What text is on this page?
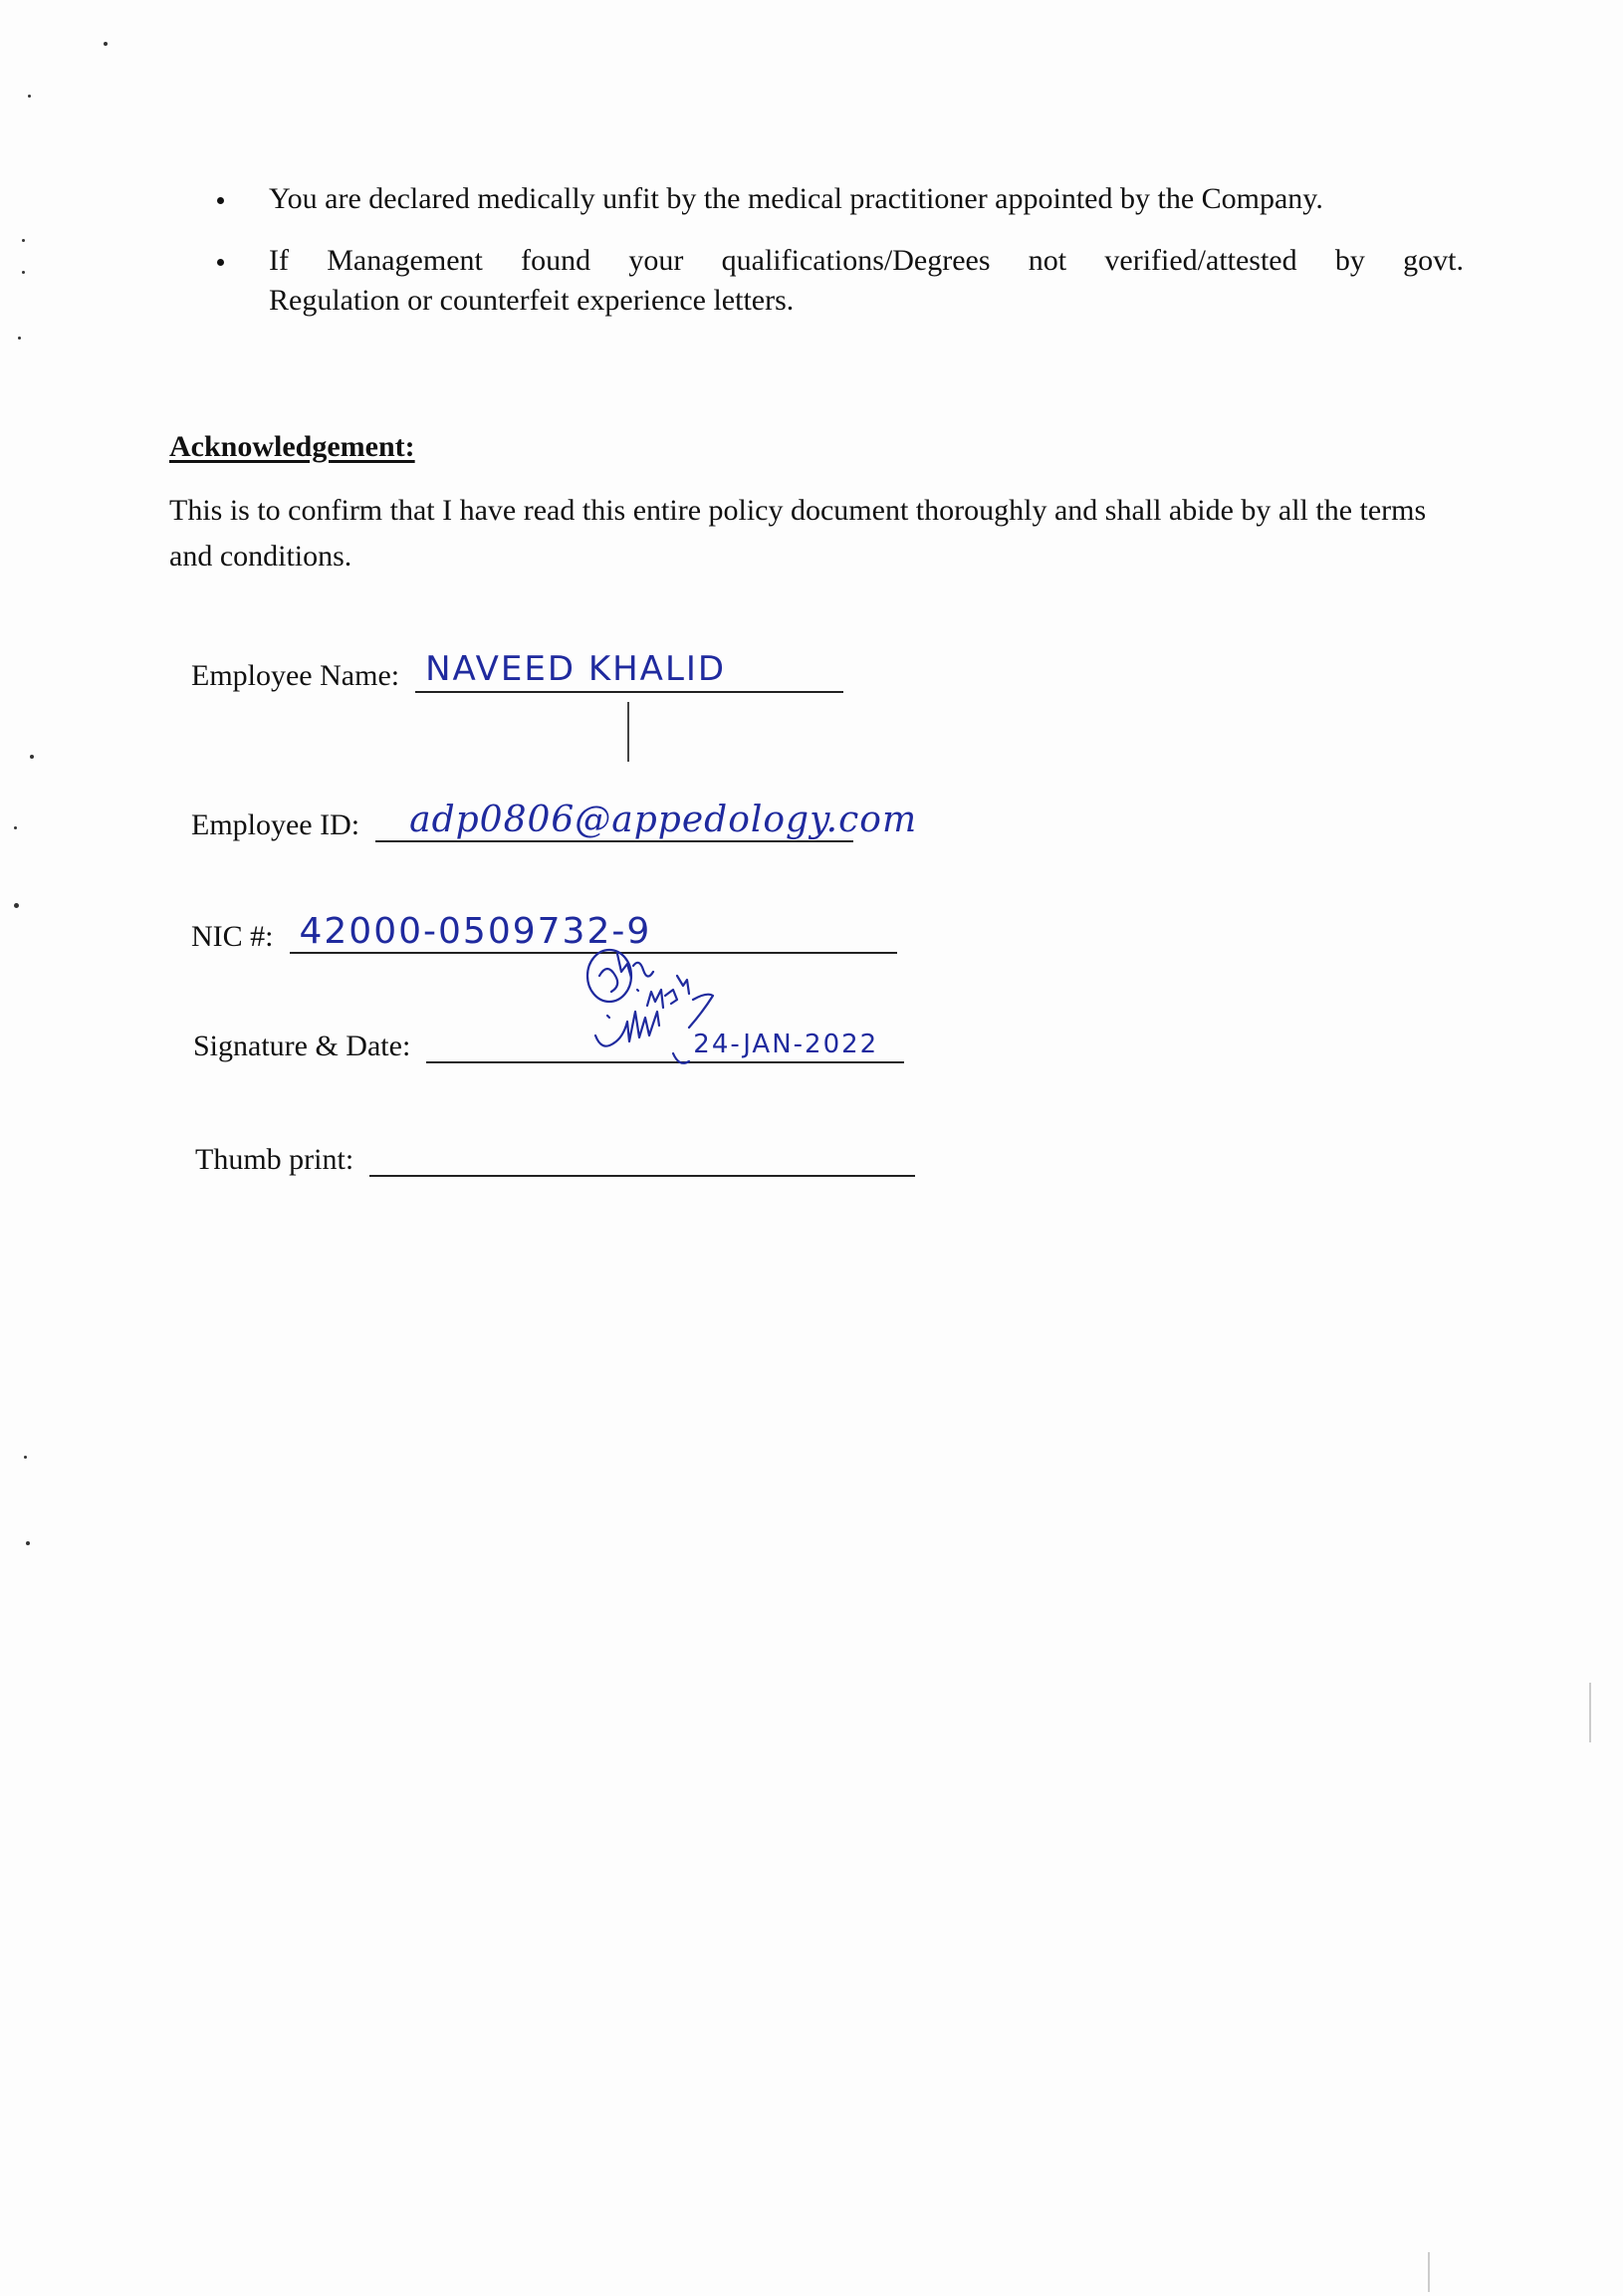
You are declared medically unfit by the medical practitioner appointed by the Company.
If Management found your qualifications/Degrees not verified/attested by govt.
Regulation or counterfeit experience letters.
Acknowledgement:
This is to confirm that I have read this entire policy document thoroughly and shall abide by all the terms and conditions.
Employee Name: NAVEED KHALID
Employee ID: adp0806@appedology.com
NIC #: 42000-0509732-9
Signature & Date:	24-JAN-2022
Thumb print:
